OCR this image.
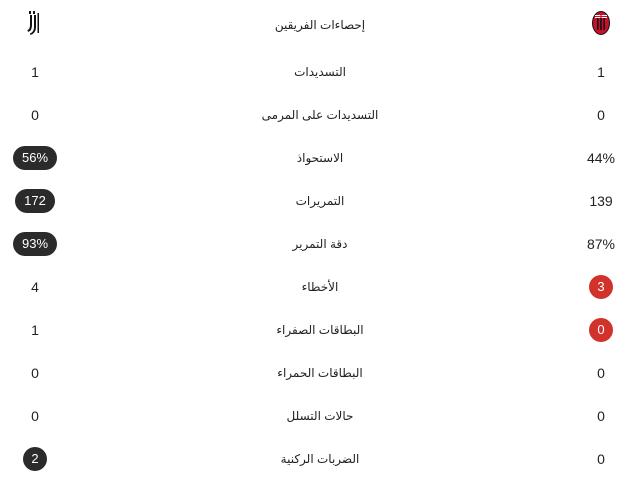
إحصاءات الفريقين
1	التسديدات	1
0	التسديدات على المرمى	0
56%	الاستحواذ	44%
172	التمريرات	139
93%	دقة التمرير	87%
4	الأخطاء	3
1	البطاقات الصفراء	0
0	البطاقات الحمراء	0
0	حالات التسلل	0
2	الضربات الركنية	0
